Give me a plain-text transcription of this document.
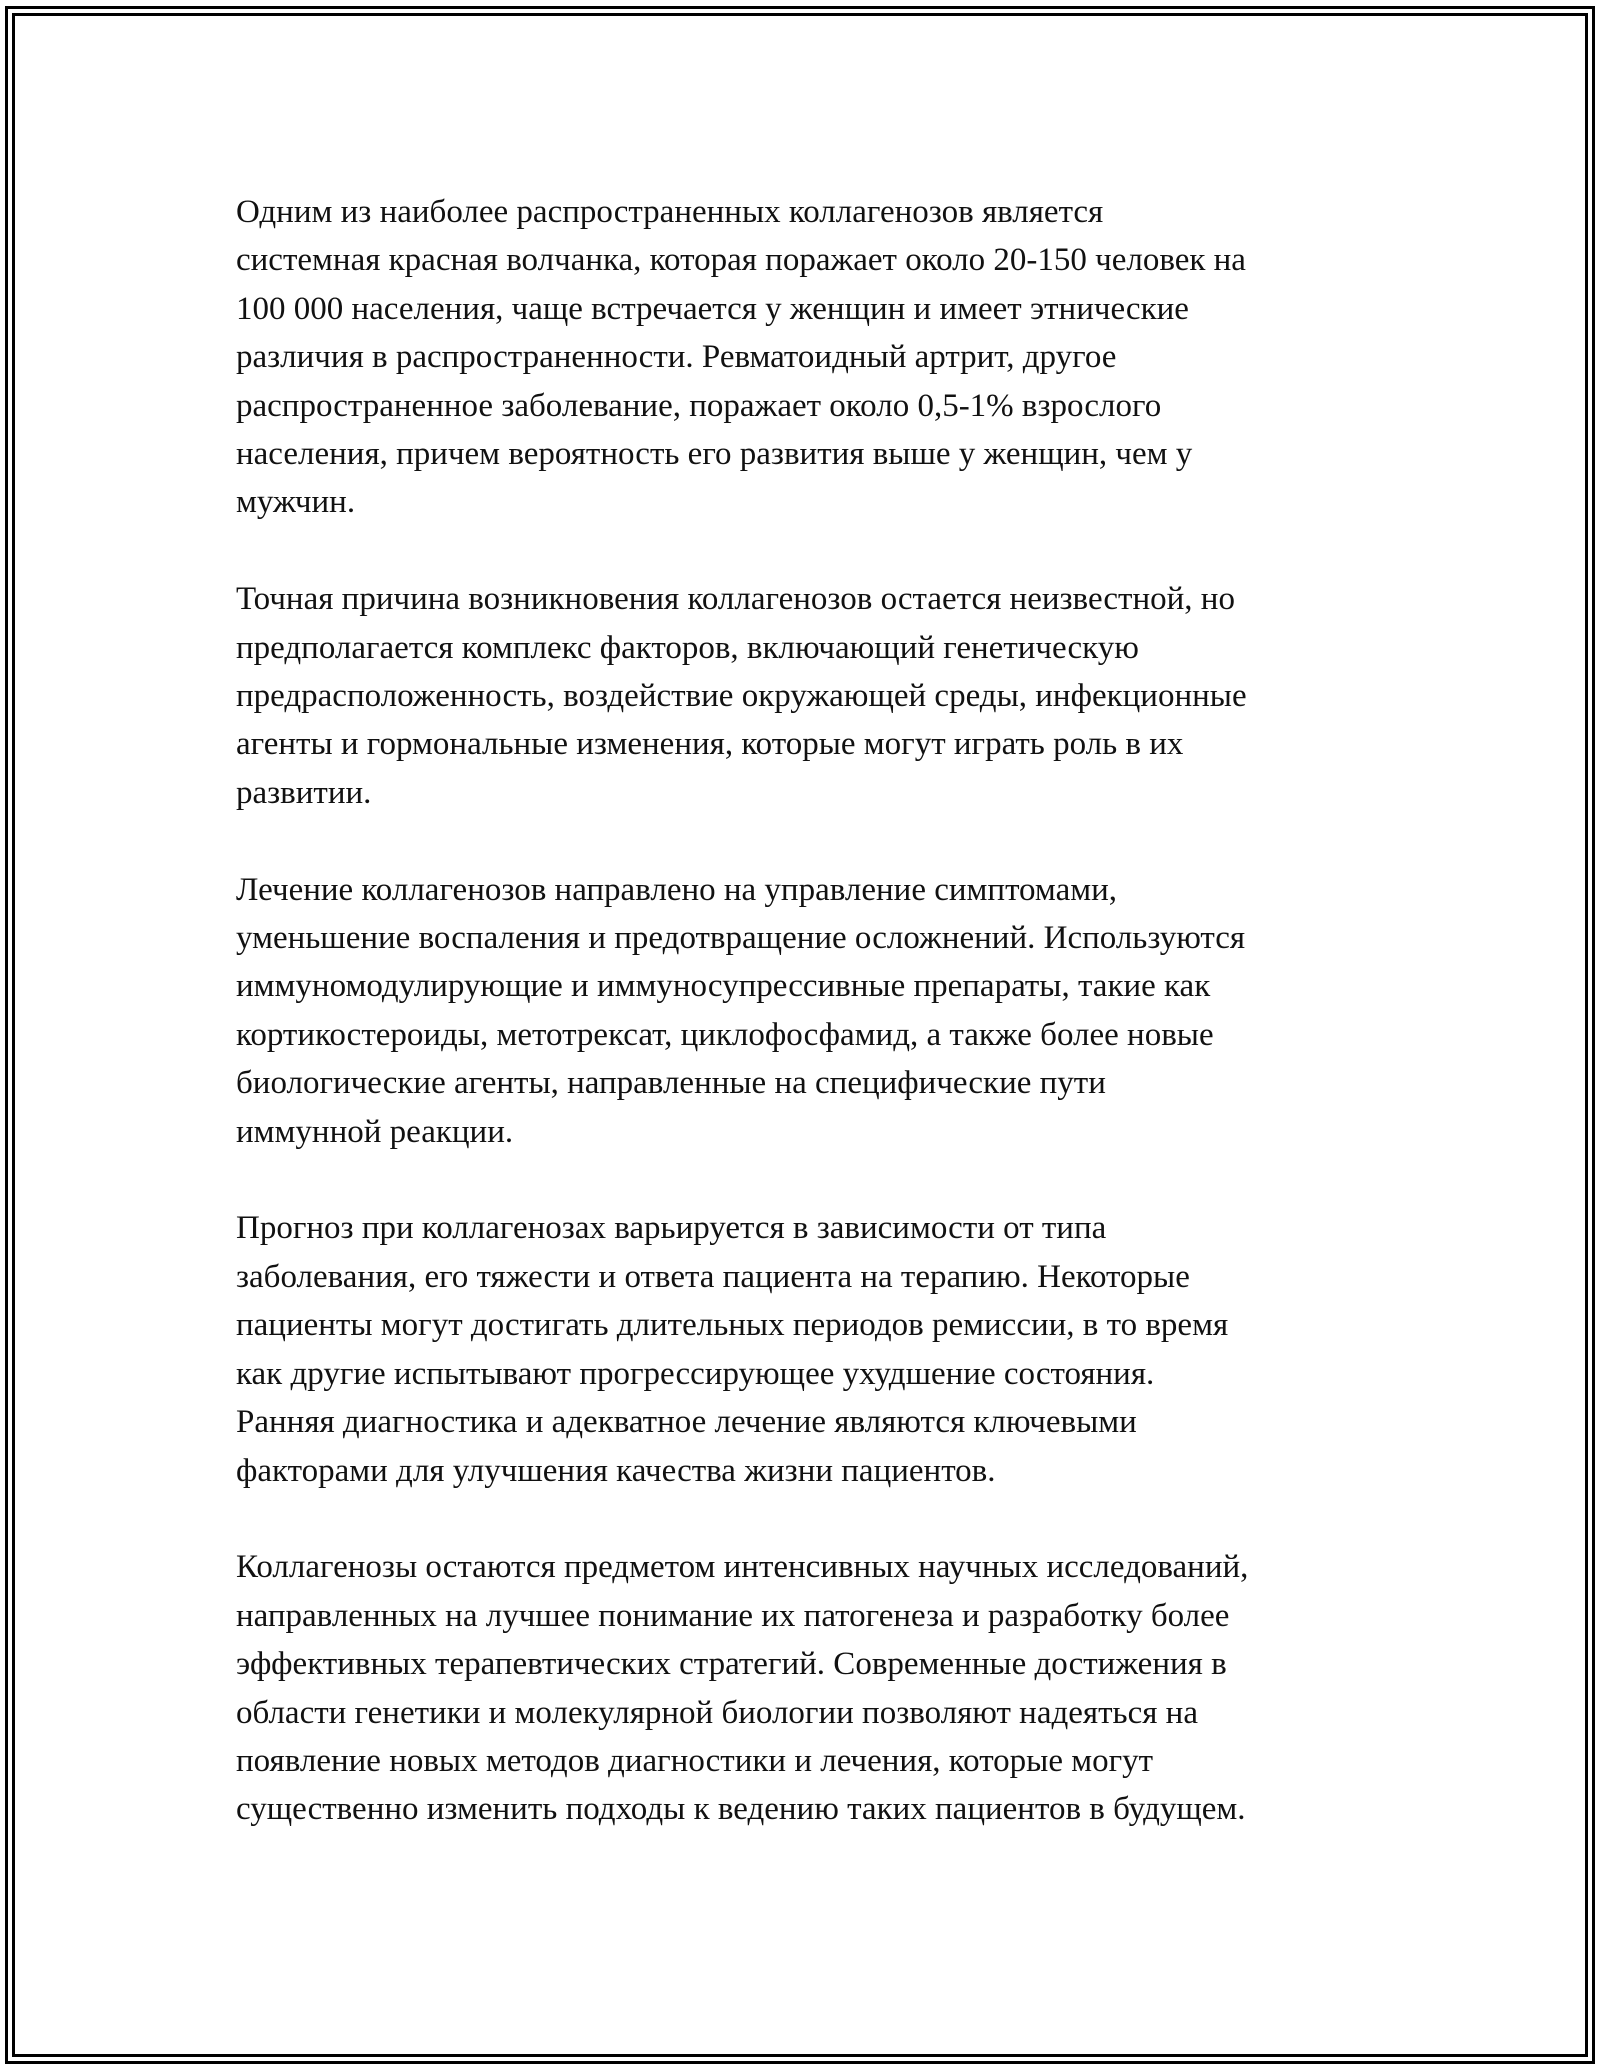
Одним из наиболее распространенных коллагенозов является
системная красная волчанка, которая поражает около 20-150 человек на
100 000 населения, чаще встречается у женщин и имеет этнические
различия в распространенности. Ревматоидный артрит, другое
распространенное заболевание, поражает около 0,5-1% взрослого
населения, причем вероятность его развития выше у женщин, чем у
мужчин.

Точная причина возникновения коллагенозов остается неизвестной, но
предполагается комплекс факторов, включающий генетическую
предрасположенность, воздействие окружающей среды, инфекционные
агенты и гормональные изменения, которые могут играть роль в их
развитии.

Лечение коллагенозов направлено на управление симптомами,
уменьшение воспаления и предотвращение осложнений. Используются
иммуномодулирующие и иммуносупрессивные препараты, такие как
кортикостероиды, метотрексат, циклофосфамид, а также более новые
биологические агенты, направленные на специфические пути
иммунной реакции.

Прогноз при коллагенозах варьируется в зависимости от типа
заболевания, его тяжести и ответа пациента на терапию. Некоторые
пациенты могут достигать длительных периодов ремиссии, в то время
как другие испытывают прогрессирующее ухудшение состояния.
Ранняя диагностика и адекватное лечение являются ключевыми
факторами для улучшения качества жизни пациентов.

Коллагенозы остаются предметом интенсивных научных исследований,
направленных на лучшее понимание их патогенеза и разработку более
эффективных терапевтических стратегий. Современные достижения в
области генетики и молекулярной биологии позволяют надеяться на
появление новых методов диагностики и лечения, которые могут
существенно изменить подходы к ведению таких пациентов в будущем.
